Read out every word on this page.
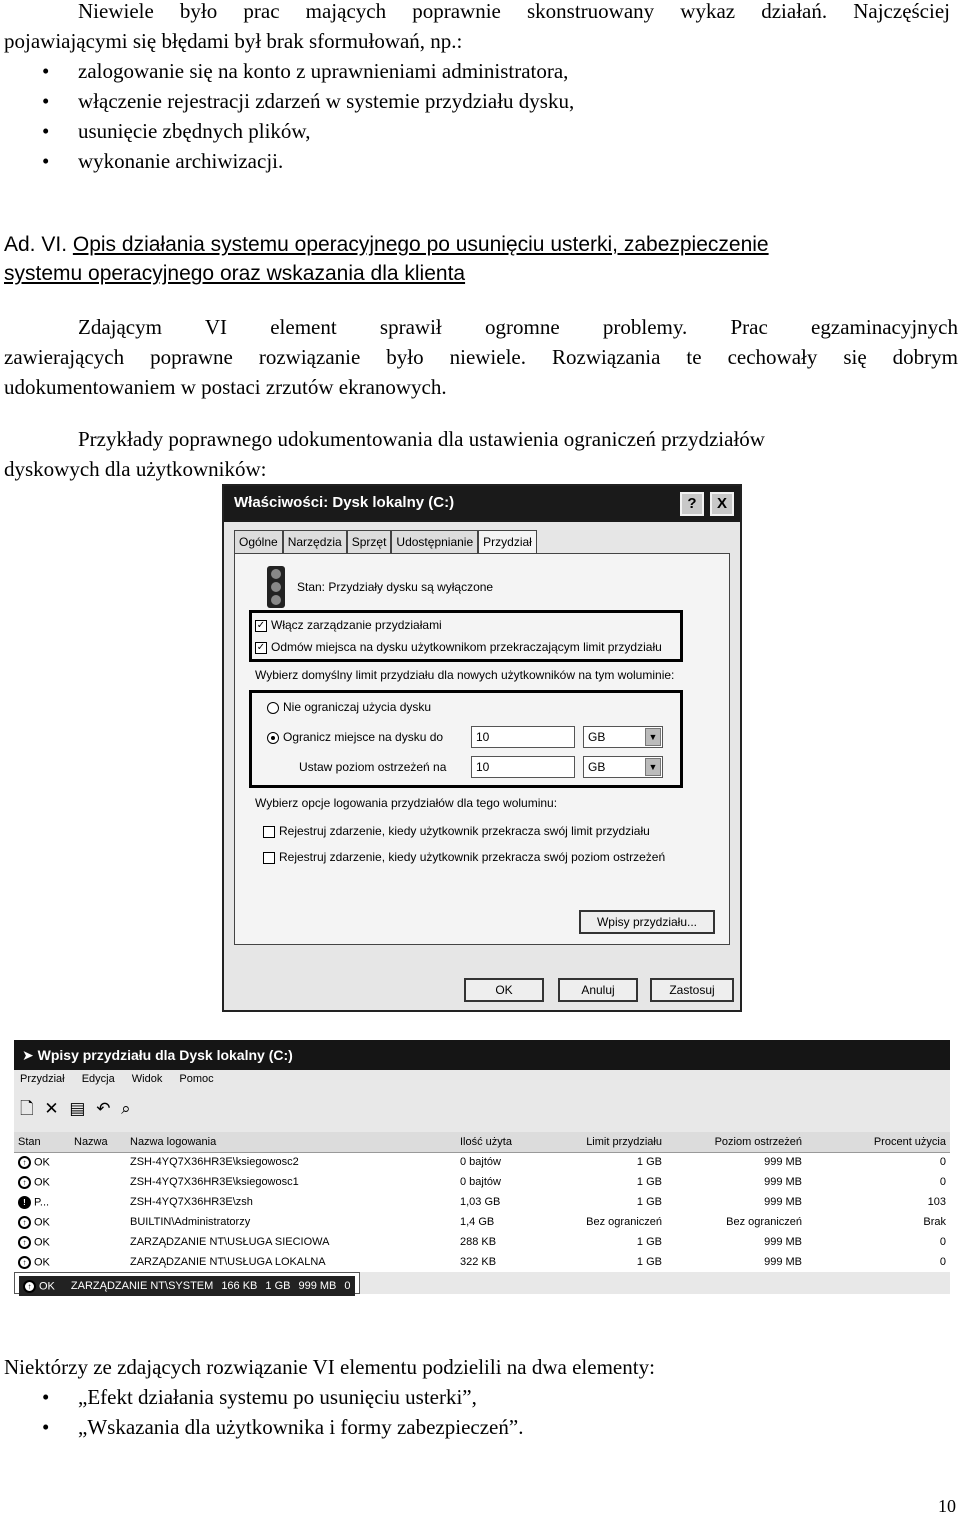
Niewiele było prac mających poprawnie skonstruowany wykaz działań. Najczęściej

pojawiającymi się błędami był brak sformułowań, np.:

• zalogowanie się na konto z uprawnieniami administratora,
• włączenie rejestracji zdarzeń w systemie przydziału dysku,
• usunięcie zbędnych plików,
• wykonanie archiwizacji.
Ad. VI. Opis działania systemu operacyjnego po usunięciu usterki, zabezpieczenie
systemu operacyjnego oraz wskazania dla klienta

Zdającym VI element sprawił ogromne problemy. Prac egzaminacyjnych

zawierających poprawne rozwiązanie było niewiele. Rozwiązania te cechowały się dobrym

udokumentowaniem w postaci zrzutów ekranowych.

Przykłady poprawnego udokumentowania dla ustawienia ograniczeń przydziałów

dyskowych dla użytkowników:

Właściwości: Dysk lokalny (C:)	?	X
Ogólne Narzędzia Sprzęt Udostępnianie Przydział
Stan: Przydziały dysku są wyłączone
✓ Włącz zarządzanie przydziałami
✓ Odmów miejsca na dysku użytkownikom przekraczającym limit przydziału
Wybierz domyślny limit przydziału dla nowych użytkowników na tym woluminie:
Nie ograniczaj użycia dysku
Ogranicz miejsce na dysku do	10	GB	▼
Ustaw poziom ostrzeżeń na	10	GB	▼
Wybierz opcje logowania przydziałów dla tego woluminu:
Rejestruj zdarzenie, kiedy użytkownik przekracza swój limit przydziału
Rejestruj zdarzenie, kiedy użytkownik przekracza swój poziom ostrzeżeń
Wpisy przydziału...
OK	Anuluj	Zastosuj
➤ Wpisy przydziału dla Dysk lokalny (C:)
Przydział Edycja Widok Pomoc
🗋 ✕ ▤ ↶ ⌕
Stan	Nazwa	Nazwa logowania	Ilość użyta	Limit przydziału	Poziom ostrzeżeń	Procent użycia
↑ OK		ZSH-4YQ7X36HR3E\ksiegowosc2	0 bajtów	1 GB	999 MB	0
↑ OK		ZSH-4YQ7X36HR3E\ksiegowosc1	0 bajtów	1 GB	999 MB	0
! P...		ZSH-4YQ7X36HR3E\zsh	1,03 GB	1 GB	999 MB	103
↑ OK		BUILTIN\Administratorzy	1,4 GB	Bez ograniczeń	Bez ograniczeń	Brak
↑ OK		ZARZĄDZANIE NT\USŁUGA SIECIOWA	288 KB	1 GB	999 MB	0
↑ OK		ZARZĄDZANIE NT\USŁUGA LOKALNA	322 KB	1 GB	999 MB	0

↑ OK		ZARZĄDZANIE NT\SYSTEM	166 KB	1 GB	999 MB	0

Niektórzy ze zdających rozwiązanie VI elementu podzielili na dwa elementy:

• „Efekt działania systemu po usunięciu usterki”,
• „Wskazania dla użytkownika i formy zabezpieczeń”.
10
